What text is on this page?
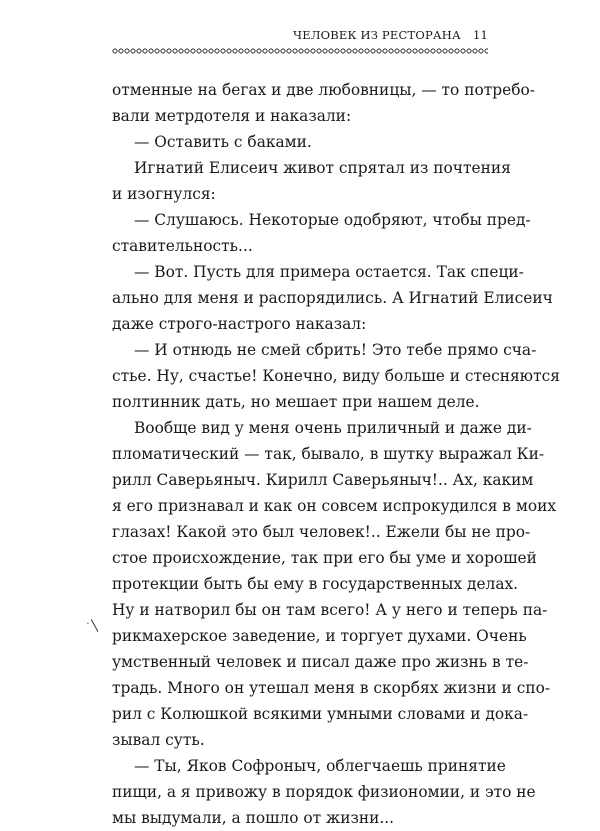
ЧЕЛОВЕК ИЗ РЕСТОРАНА 11
отменные на бегах и две любовницы, — то потребо-
вали метрдотеля и наказали:
— Оставить с баками.
Игнатий Елисеич живот спрятал из почтения
и изогнулся:
— Слушаюсь. Некоторые одобряют, чтобы пред-
ставительность...
— Вот. Пусть для примера остается. Так специ-
ально для меня и распорядились. А Игнатий Елисеич
даже строго-настрого наказал:
— И отнюдь не смей сбрить! Это тебе прямо сча-
стье. Ну, счастье! Конечно, виду больше и стесняются
полтинник дать, но мешает при нашем деле.
Вообще вид у меня очень приличный и даже ди-
пломатический — так, бывало, в шутку выражал Ки-
рилл Саверьяныч. Кирилл Саверьяныч!.. Ах, каким
я его признавал и как он совсем испрокудился в моих
глазах! Какой это был человек!.. Ежели бы не про-
стое происхождение, так при его бы уме и хорошей
протекции быть бы ему в государственных делах.
Ну и натворил бы он там всего! А у него и теперь па-
рикмахерское заведение, и торгует духами. Очень
умственный человек и писал даже про жизнь в те-
традь. Много он утешал меня в скорбях жизни и спо-
рил с Колюшкой всякими умными словами и дока-
зывал суть.
— Ты, Яков Софроныч, облегчаешь принятие
пищи, а я привожу в порядок физиономии, и это не
мы выдумали, а пошло от жизни...
ׄ⁄
